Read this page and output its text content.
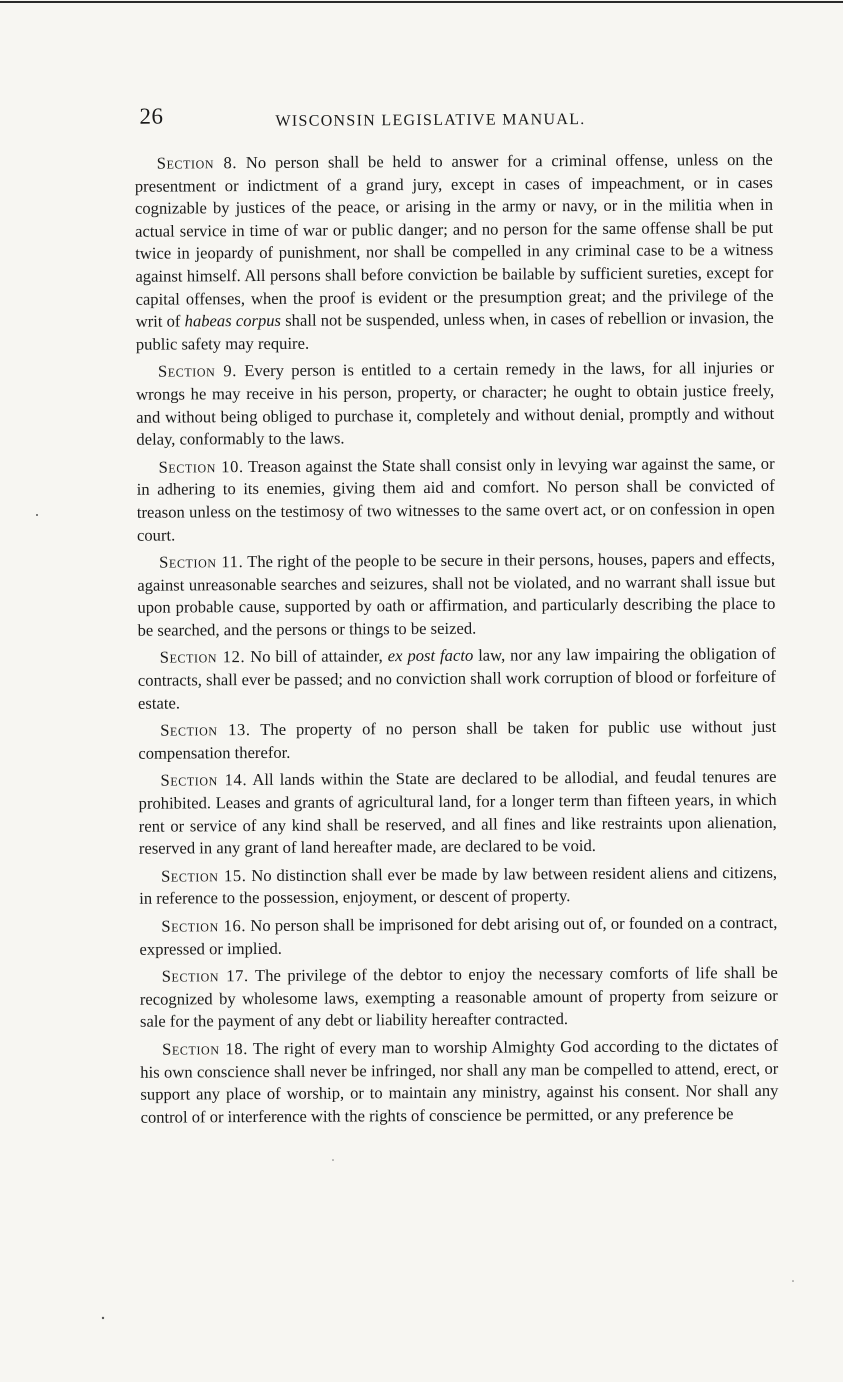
26	WISCONSIN LEGISLATIVE MANUAL.

Section 8. No person shall be held to answer for a criminal offense, unless on the presentment or indictment of a grand jury, except in cases of impeachment, or in cases cognizable by justices of the peace, or arising in the army or navy, or in the militia when in actual service in time of war or public danger; and no person for the same offense shall be put twice in jeopardy of punishment, nor shall be compelled in any criminal case to be a witness against himself. All persons shall before conviction be bailable by sufficient sureties, except for capital offenses, when the proof is evident or the presumption great; and the privilege of the writ of habeas corpus shall not be suspended, unless when, in cases of rebellion or invasion, the public safety may require.

Section 9. Every person is entitled to a certain remedy in the laws, for all injuries or wrongs he may receive in his person, property, or character; he ought to obtain justice freely, and without being obliged to purchase it, completely and without denial, promptly and without delay, conformably to the laws.

Section 10. Treason against the State shall consist only in levying war against the same, or in adhering to its enemies, giving them aid and comfort. No person shall be convicted of treason unless on the testimosy of two witnesses to the same overt act, or on confession in open court.

Section 11. The right of the people to be secure in their persons, houses, papers and effects, against unreasonable searches and seizures, shall not be violated, and no warrant shall issue but upon probable cause, supported by oath or affirmation, and particularly describing the place to be searched, and the persons or things to be seized.

Section 12. No bill of attainder, ex post facto law, nor any law impairing the obligation of contracts, shall ever be passed; and no conviction shall work corruption of blood or forfeiture of estate.

Section 13. The property of no person shall be taken for public use without just compensation therefor.

Section 14. All lands within the State are declared to be allodial, and feudal tenures are prohibited. Leases and grants of agricultural land, for a longer term than fifteen years, in which rent or service of any kind shall be reserved, and all fines and like restraints upon alienation, reserved in any grant of land hereafter made, are declared to be void.

Section 15. No distinction shall ever be made by law between resident aliens and citizens, in reference to the possession, enjoyment, or descent of property.

Section 16. No person shall be imprisoned for debt arising out of, or founded on a contract, expressed or implied.

Section 17. The privilege of the debtor to enjoy the necessary comforts of life shall be recognized by wholesome laws, exempting a reasonable amount of property from seizure or sale for the payment of any debt or liability hereafter contracted.

Section 18. The right of every man to worship Almighty God according to the dictates of his own conscience shall never be infringed, nor shall any man be compelled to attend, erect, or support any place of worship, or to maintain any ministry, against his consent. Nor shall any control of or interference with the rights of conscience be permitted, or any preference be
